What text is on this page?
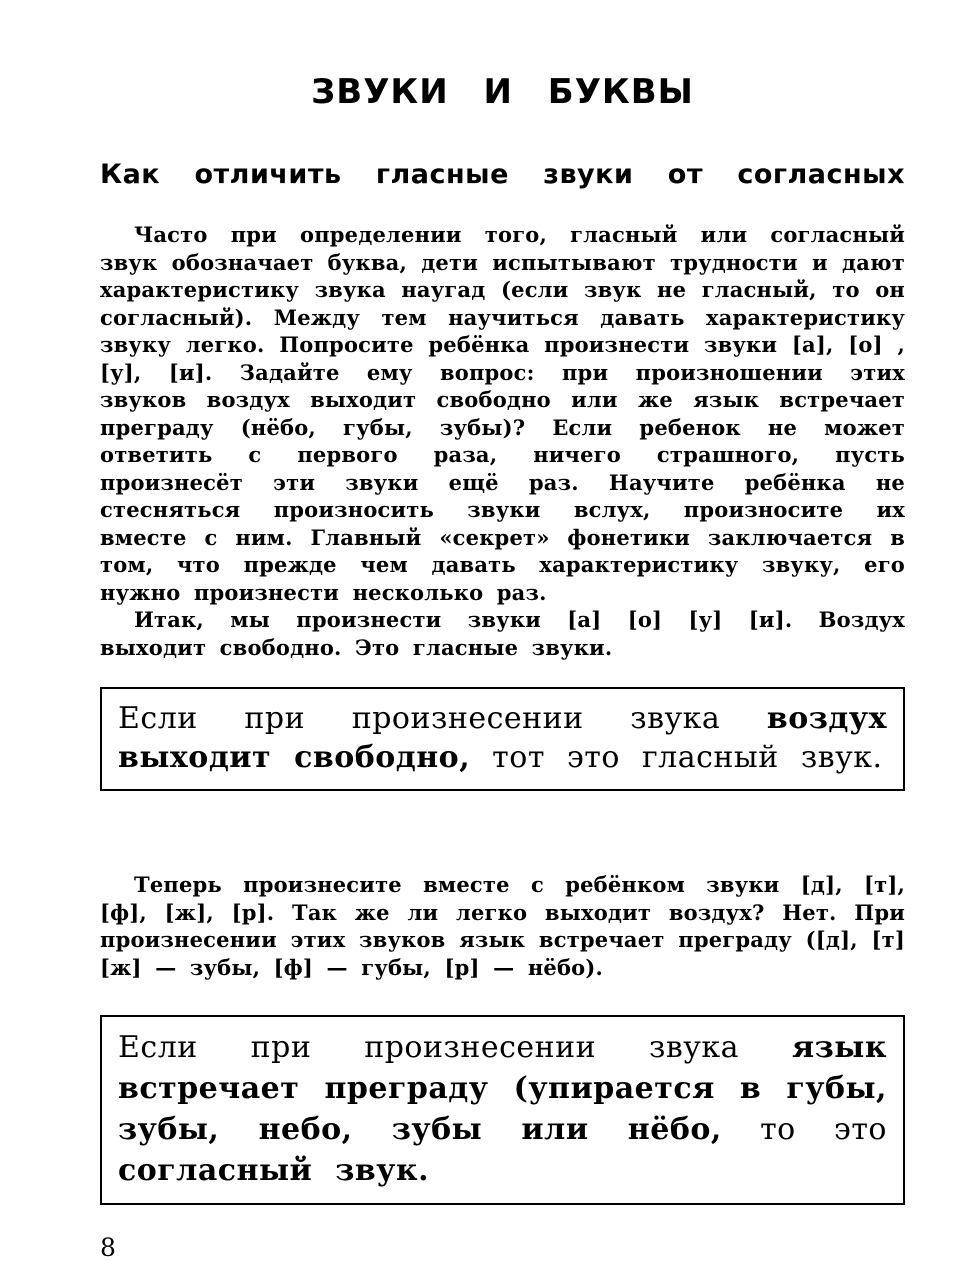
ЗВУКИ И БУКВЫ
Как отличить гласные звуки от согласных

Часто при определении того, гласный или согласный звук обозначает буква, дети испытывают трудности и дают характеристику звука наугад (если звук не гласный, то он согласный). Между тем научиться давать характеристику звуку легко. Попросите ребёнка произнести звуки [а], [о] ,[у], [и]. Задайте ему вопрос: при произношении этих звуков воздух выходит свободно или же язык встречает преграду (нёбо, губы, зубы)? Если ребенок не может ответить с первого раза, ничего страшного, пусть произнесёт эти звуки ещё раз. Научите ребёнка не стесняться произносить звуки вслух, произносите их вместе с ним. Главный «секрет» фонетики заключается в том, что прежде чем давать характеристику звуку, его нужно произнести несколько раз.

Итак, мы произнести звуки [а] [о] [у] [и]. Воздух выходит свободно. Это гласные звуки.

Если при произнесении звука воздух выходит свободно, тот это гласный звук.

Теперь произнесите вместе с ребёнком звуки [д], [т], [ф], [ж], [р]. Так же ли легко выходит воздух? Нет. При произнесении этих звуков язык встречает преграду ([д], [т] [ж] — зубы, [ф] — губы, [р] — нёбо).

Если при произнесении звука язык встречает преграду (упирается в губы, зубы, небо, зубы или нёбо, то это согласный звук.

8
